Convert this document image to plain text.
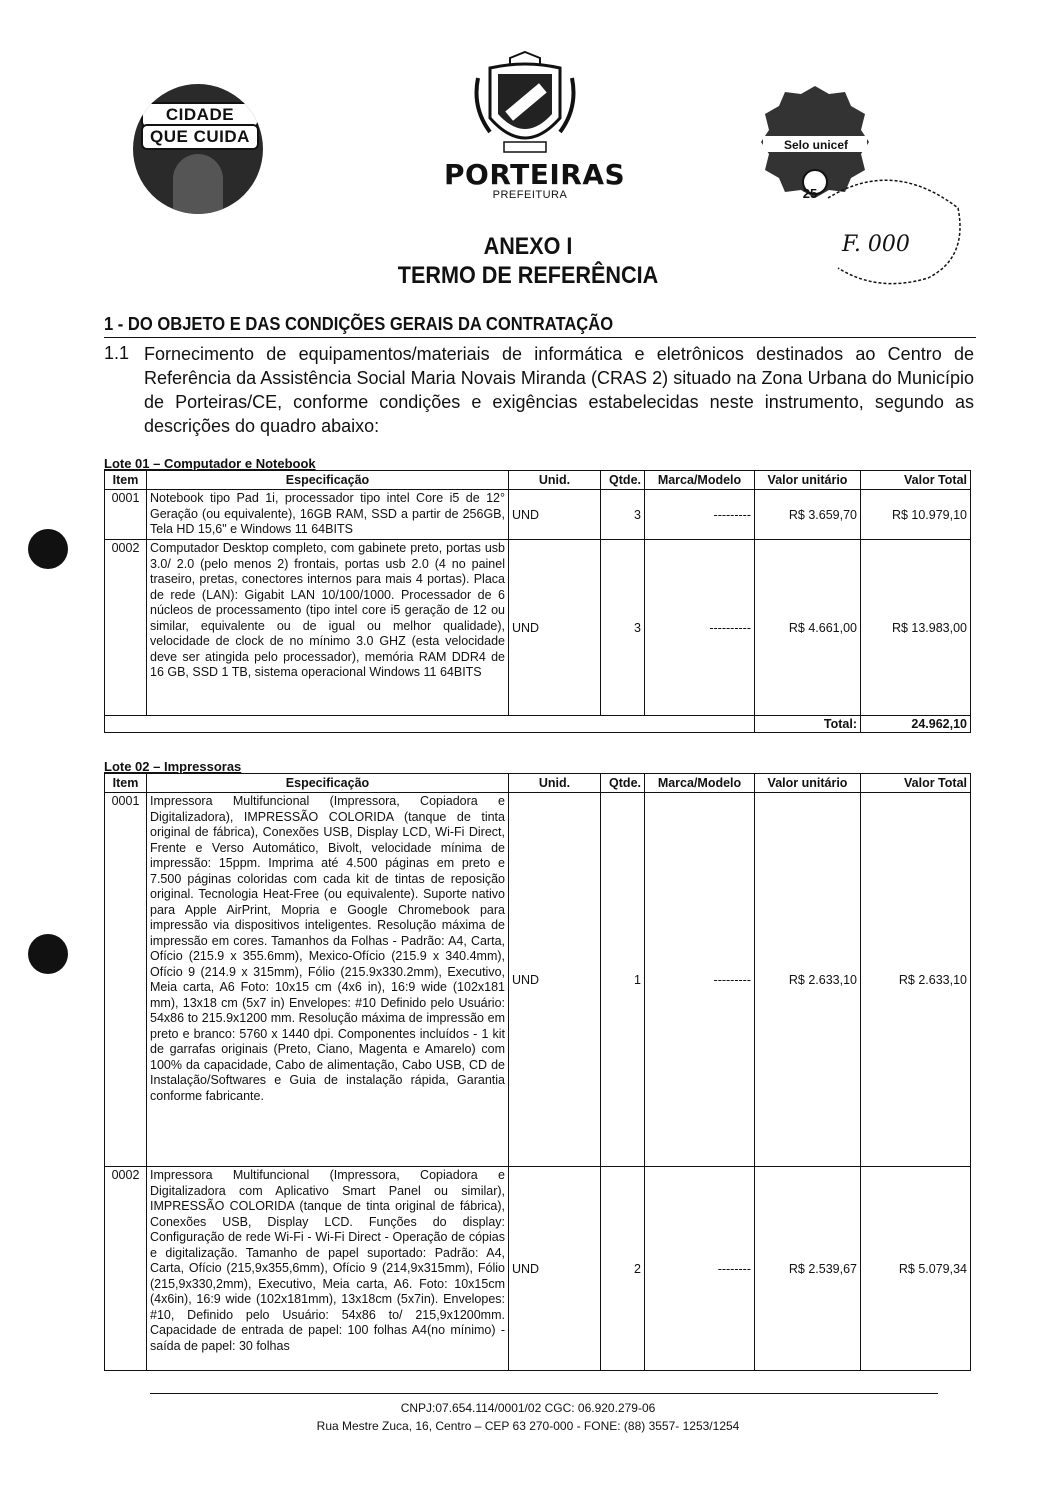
CIDADE
QUE CUIDA
PORTEIRAS
PREFEITURA
Selo unicef
25
F. 000
ANEXO I
TERMO DE REFERÊNCIA
1 - DO OBJETO E DAS CONDIÇÕES GERAIS DA CONTRATAÇÃO
1.1 Fornecimento de equipamentos/materiais de informática e eletrônicos destinados ao Centro de Referência da Assistência Social Maria Novais Miranda (CRAS 2) situado na Zona Urbana do Município de Porteiras/CE, conforme condições e exigências estabelecidas neste instrumento, segundo as descrições do quadro abaixo:
Lote 01 – Computador e Notebook
Item	Especificação	Unid.	Qtde.	Marca/Modelo	Valor unitário	Valor Total
0001	Notebook tipo Pad 1i, processador tipo intel Core i5 de 12° Geração (ou equivalente), 16GB RAM, SSD a partir de 256GB, Tela HD 15,6" e Windows 11 64BITS	UND	3	---------	R$ 3.659,70	R$ 10.979,10
0002	Computador Desktop completo, com gabinete preto, portas usb 3.0/ 2.0 (pelo menos 2) frontais, portas usb 2.0 (4 no painel traseiro, pretas, conectores internos para mais 4 portas). Placa de rede (LAN): Gigabit LAN 10/100/1000. Processador de 6 núcleos de processamento (tipo intel core i5 geração de 12 ou similar, equivalente ou de igual ou melhor qualidade), velocidade de clock de no mínimo 3.0 GHZ (esta velocidade deve ser atingida pelo processador), memória RAM DDR4 de 16 GB, SSD 1 TB, sistema operacional Windows 11 64BITS	UND	3	----------	R$ 4.661,00	R$ 13.983,00
					Total:	24.962,10
Lote 02 – Impressoras
Item	Especificação	Unid.	Qtde.	Marca/Modelo	Valor unitário	Valor Total
0001	Impressora Multifuncional (Impressora, Copiadora e Digitalizadora), IMPRESSÃO COLORIDA (tanque de tinta original de fábrica), Conexões USB, Display LCD, Wi-Fi Direct, Frente e Verso Automático, Bivolt, velocidade mínima de impressão: 15ppm. Imprima até 4.500 páginas em preto e 7.500 páginas coloridas com cada kit de tintas de reposição original. Tecnologia Heat-Free (ou equivalente). Suporte nativo para Apple AirPrint, Mopria e Google Chromebook para impressão via dispositivos inteligentes. Resolução máxima de impressão em cores. Tamanhos da Folhas - Padrão: A4, Carta, Ofício (215.9 x 355.6mm), Mexico-Ofício (215.9 x 340.4mm), Ofício 9 (214.9 x 315mm), Fólio (215.9x330.2mm), Executivo, Meia carta, A6 Foto: 10x15 cm (4x6 in), 16:9 wide (102x181 mm), 13x18 cm (5x7 in) Envelopes: #10 Definido pelo Usuário: 54x86 to 215.9x1200 mm. Resolução máxima de impressão em preto e branco: 5760 x 1440 dpi. Componentes incluídos - 1 kit de garrafas originais (Preto, Ciano, Magenta e Amarelo) com 100% da capacidade, Cabo de alimentação, Cabo USB, CD de Instalação/Softwares e Guia de instalação rápida, Garantia conforme fabricante.	UND	1	---------	R$ 2.633,10	R$ 2.633,10
0002	Impressora Multifuncional (Impressora, Copiadora e Digitalizadora com Aplicativo Smart Panel ou similar), IMPRESSÃO COLORIDA (tanque de tinta original de fábrica), Conexões USB, Display LCD. Funções do display: Configuração de rede Wi-Fi - Wi-Fi Direct - Operação de cópias e digitalização. Tamanho de papel suportado: Padrão: A4, Carta, Ofício (215,9x355,6mm), Ofício 9 (214,9x315mm), Fólio (215,9x330,2mm), Executivo, Meia carta, A6. Foto: 10x15cm (4x6in), 16:9 wide (102x181mm), 13x18cm (5x7in). Envelopes: #10, Definido pelo Usuário: 54x86 to/ 215,9x1200mm. Capacidade de entrada de papel: 100 folhas A4(no mínimo) - saída de papel: 30 folhas	UND	2	--------	R$ 2.539,67	R$ 5.079,34
CNPJ:07.654.114/0001/02 CGC: 06.920.279-06
Rua Mestre Zuca, 16, Centro – CEP 63 270-000 - FONE: (88) 3557- 1253/1254
